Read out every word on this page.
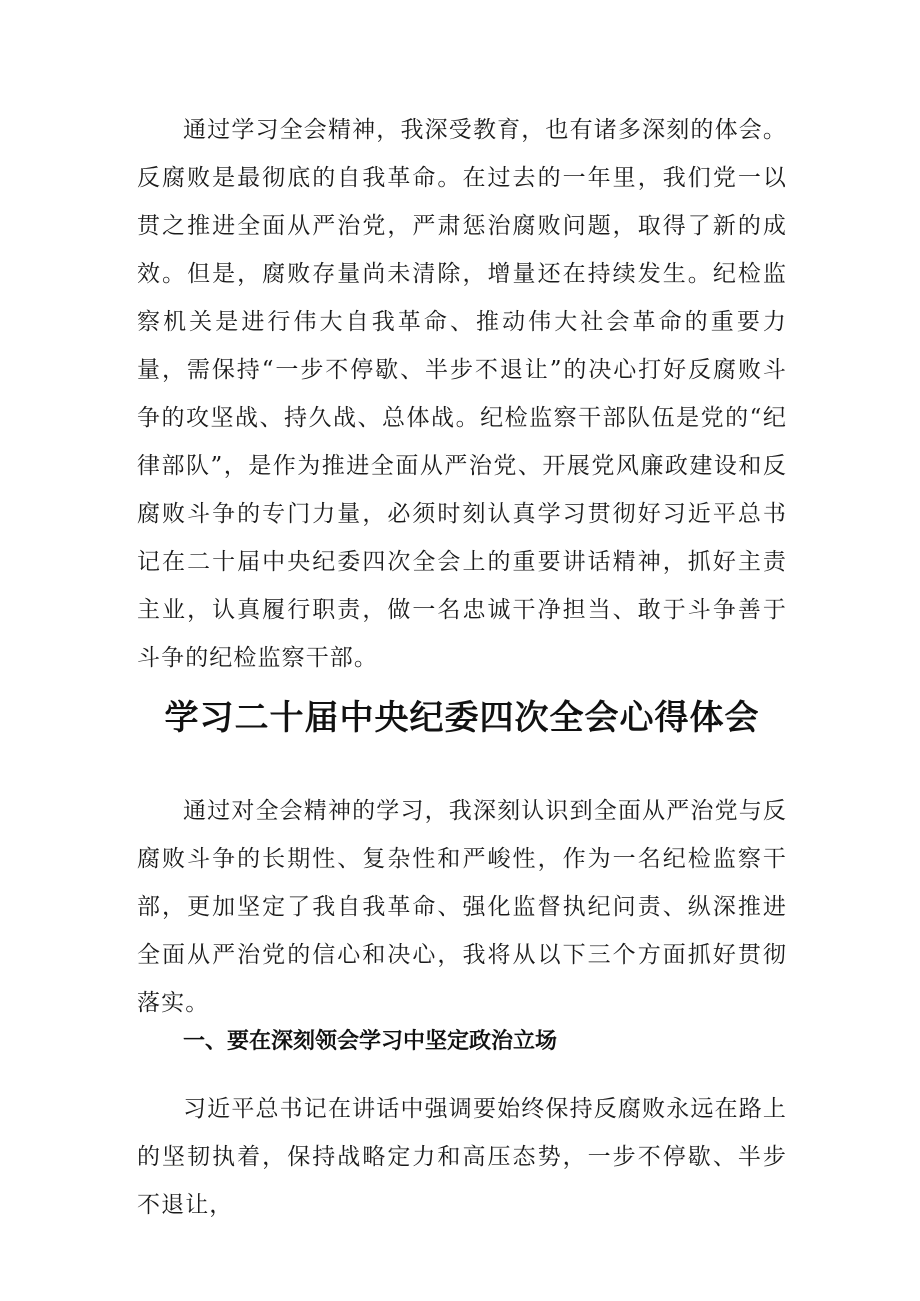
通过学习全会精神，我深受教育，也有诸多深刻的体会。反腐败是最彻底的自我革命。在过去的一年里，我们党一以贯之推进全面从严治党，严肃惩治腐败问题，取得了新的成效。但是，腐败存量尚未清除，增量还在持续发生。纪检监察机关是进行伟大自我革命、推动伟大社会革命的重要力量，需保持“一步不停歇、半步不退让”的决心打好反腐败斗争的攻坚战、持久战、总体战。纪检监察干部队伍是党的“纪律部队”，是作为推进全面从严治党、开展党风廉政建设和反腐败斗争的专门力量，必须时刻认真学习贯彻好习近平总书记在二十届中央纪委四次全会上的重要讲话精神，抓好主责主业，认真履行职责，做一名忠诚干净担当、敢于斗争善于斗争的纪检监察干部。

学习二十届中央纪委四次全会心得体会

通过对全会精神的学习，我深刻认识到全面从严治党与反腐败斗争的长期性、复杂性和严峻性，作为一名纪检监察干部，更加坚定了我自我革命、强化监督执纪问责、纵深推进全面从严治党的信心和决心，我将从以下三个方面抓好贯彻落实。

一、要在深刻领会学习中坚定政治立场

习近平总书记在讲话中强调要始终保持反腐败永远在路上的坚韧执着，保持战略定力和高压态势，一步不停歇、半步不退让，
